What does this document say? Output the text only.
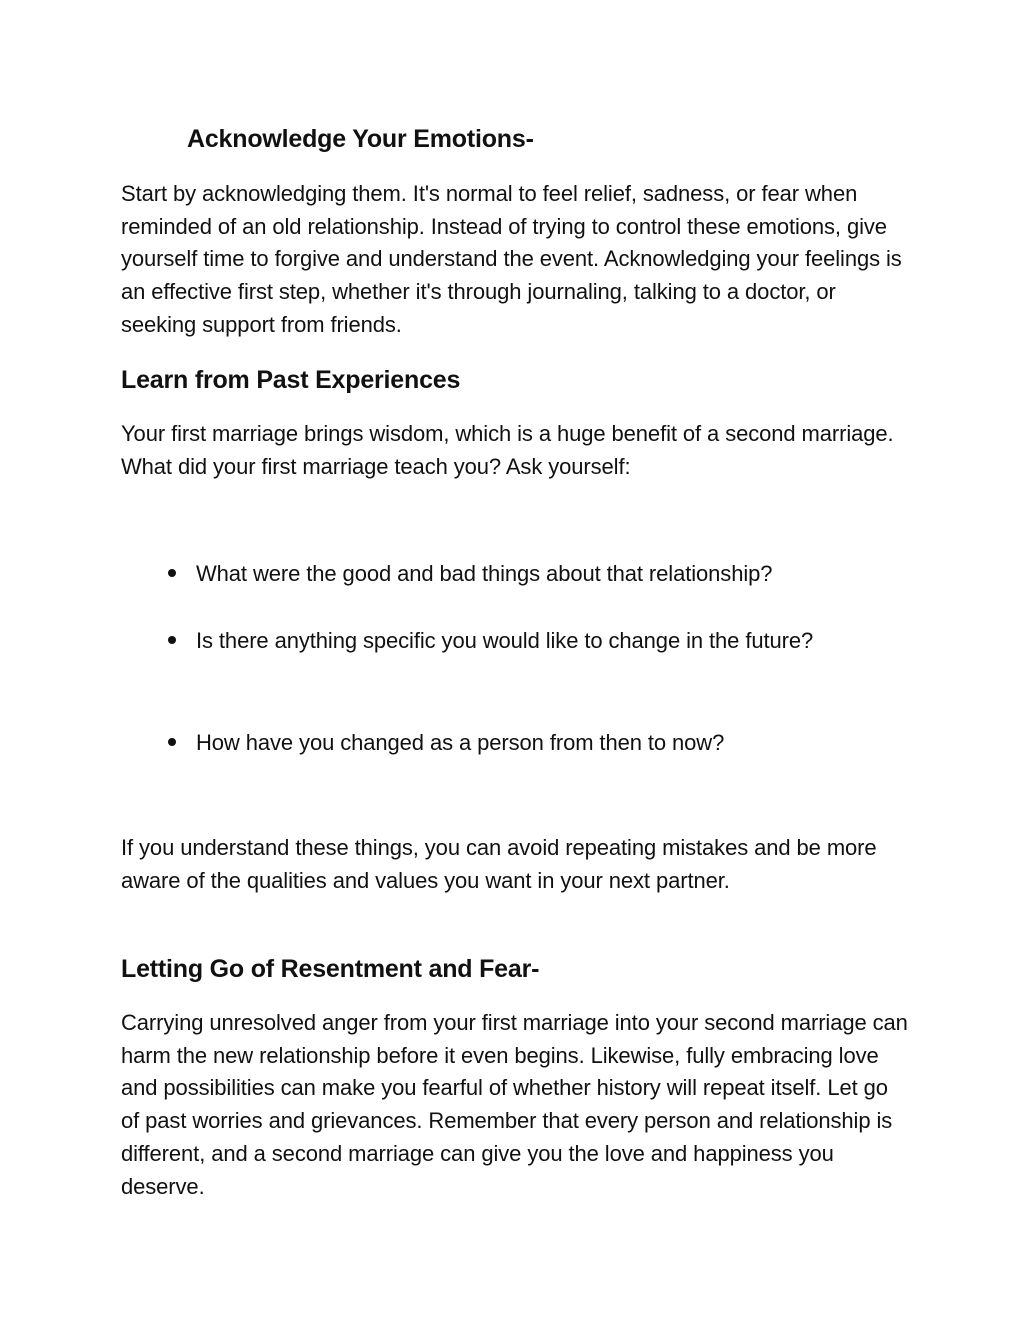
Acknowledge Your Emotions-

Start by acknowledging them. It's normal to feel relief, sadness, or fear when reminded of an old relationship. Instead of trying to control these emotions, give yourself time to forgive and understand the event. Acknowledging your feelings is an effective first step, whether it's through journaling, talking to a doctor, or seeking support from friends.

Learn from Past Experiences

Your first marriage brings wisdom, which is a huge benefit of a second marriage. What did your first marriage teach you? Ask yourself:

What were the good and bad things about that relationship?
Is there anything specific you would like to change in the future?
How have you changed as a person from then to now?

If you understand these things, you can avoid repeating mistakes and be more aware of the qualities and values you want in your next partner.

Letting Go of Resentment and Fear-

Carrying unresolved anger from your first marriage into your second marriage can harm the new relationship before it even begins. Likewise, fully embracing love and possibilities can make you fearful of whether history will repeat itself. Let go of past worries and grievances. Remember that every person and relationship is different, and a second marriage can give you the love and happiness you deserve.
